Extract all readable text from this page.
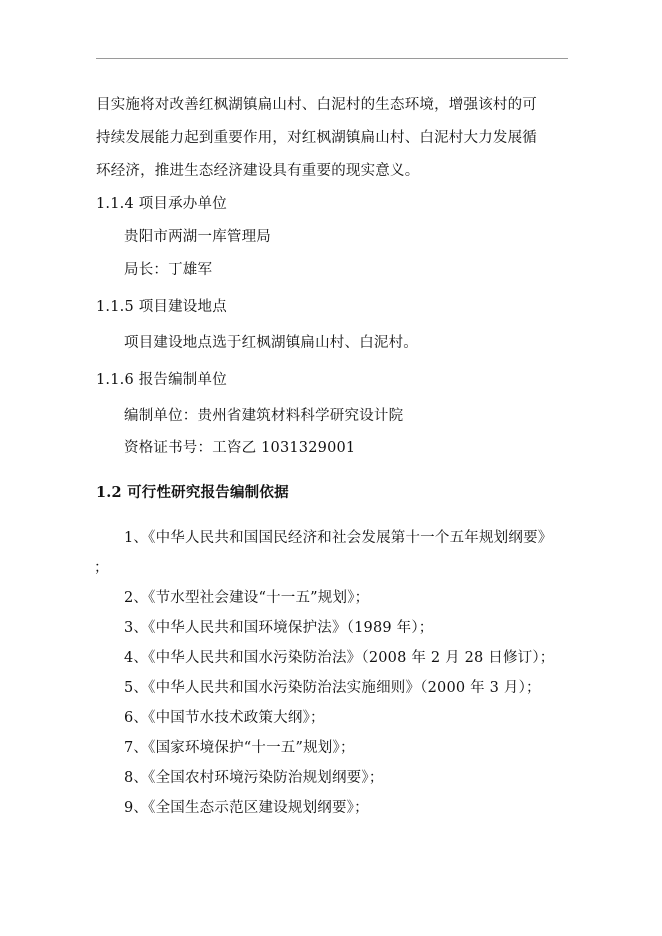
目实施将对改善红枫湖镇扁山村、白泥村的生态环境，增强该村的可
持续发展能力起到重要作用，对红枫湖镇扁山村、白泥村大力发展循
环经济，推进生态经济建设具有重要的现实意义。
1.1.4 项目承办单位
贵阳市两湖一库管理局
局长：丁雄军
1.1.5 项目建设地点
项目建设地点选于红枫湖镇扁山村、白泥村。
1.1.6 报告编制单位
编制单位：贵州省建筑材料科学研究设计院
资格证书号：工咨乙 1031329001
1.2 可行性研究报告编制依据
1、《中华人民共和国国民经济和社会发展第十一个五年规划纲要》
；
2、《节水型社会建设“十一五”规划》；
3、《中华人民共和国环境保护法》（1989 年）；
4、《中华人民共和国水污染防治法》（2008 年 2 月 28 日修订）；
5、《中华人民共和国水污染防治法实施细则》（2000 年 3 月）；
6、《中国节水技术政策大纲》；
7、《国家环境保护“十一五”规划》；
8、《全国农村环境污染防治规划纲要》；
9、《全国生态示范区建设规划纲要》；
